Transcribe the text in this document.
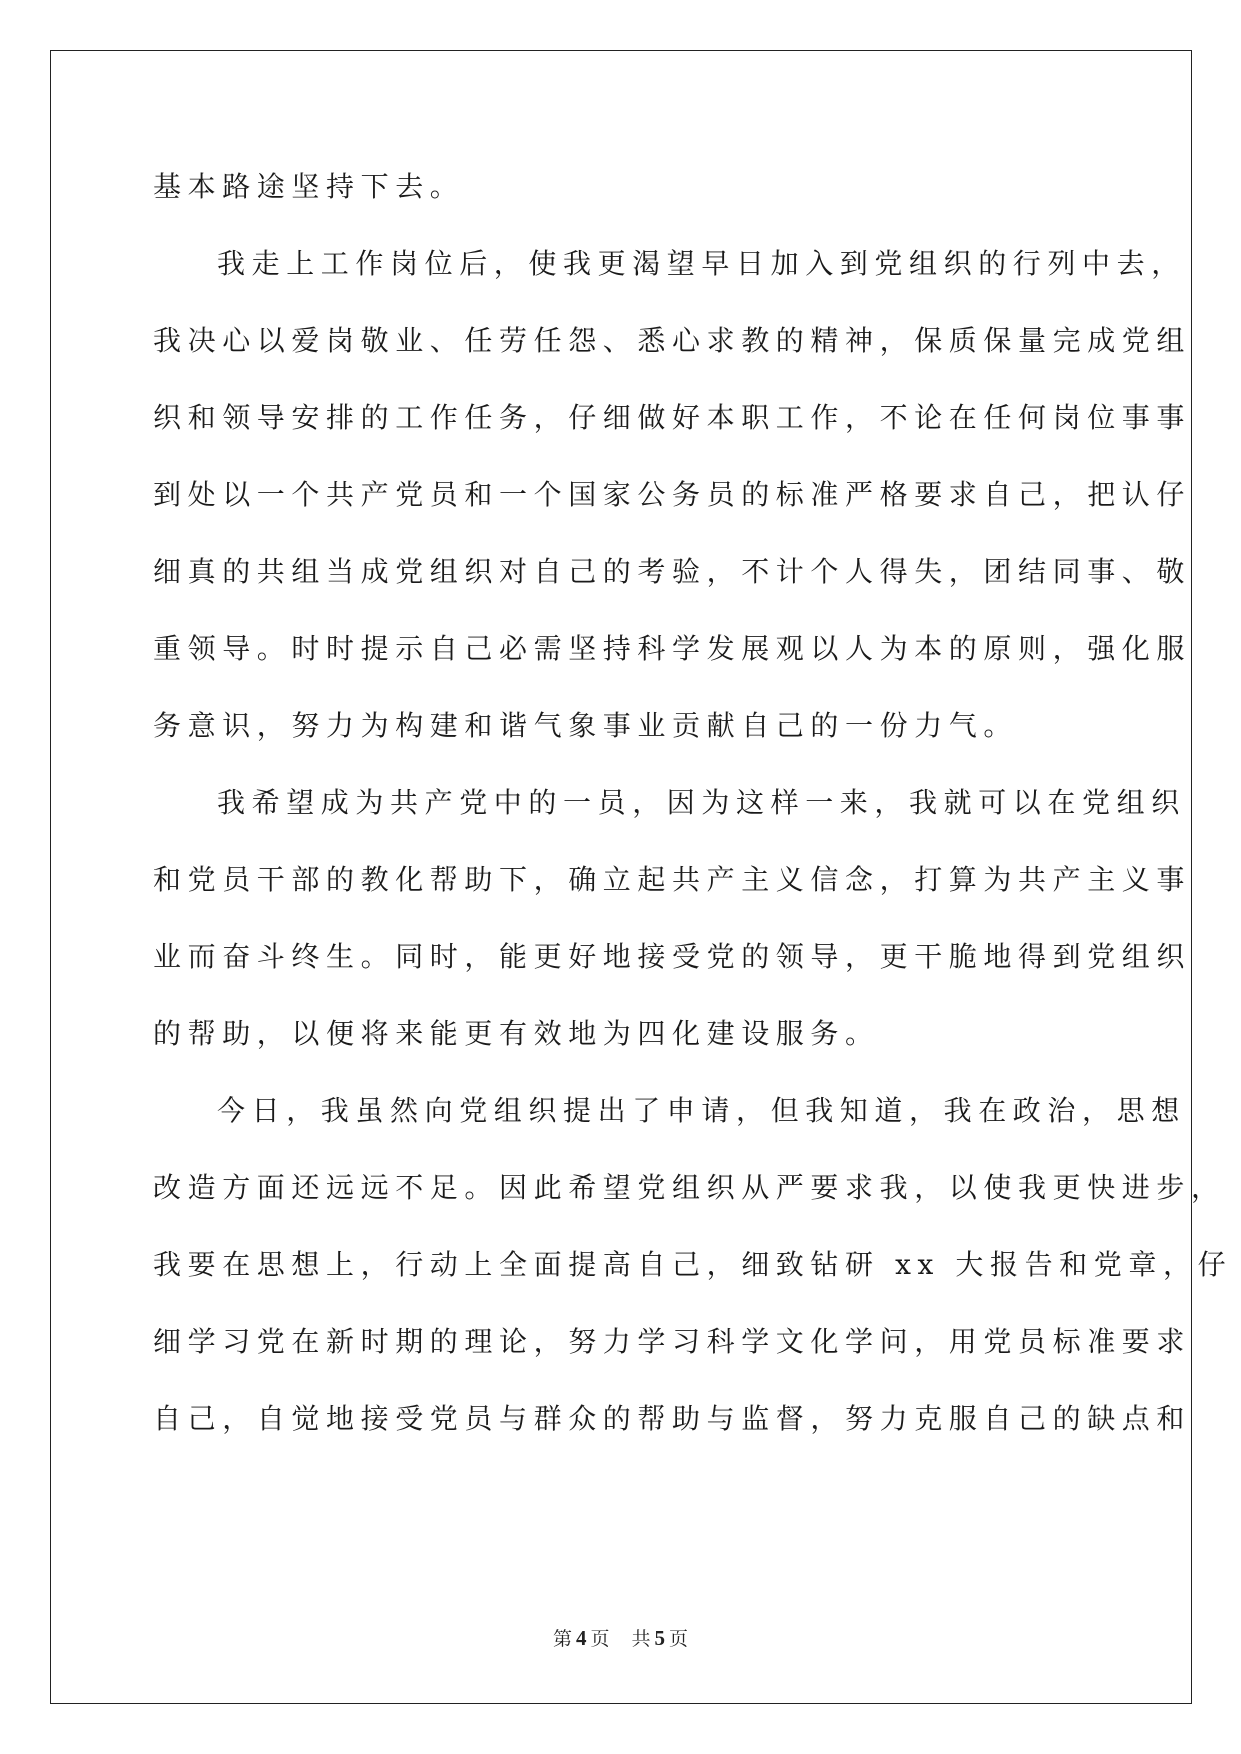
基本路途坚持下去。
我走上工作岗位后，使我更渴望早日加入到党组织的行列中去，
我决心以爱岗敬业、任劳任怨、悉心求教的精神，保质保量完成党组
织和领导安排的工作任务，仔细做好本职工作，不论在任何岗位事事
到处以一个共产党员和一个国家公务员的标准严格要求自己，把认仔
细真的共组当成党组织对自己的考验，不计个人得失，团结同事、敬
重领导。时时提示自己必需坚持科学发展观以人为本的原则，强化服
务意识，努力为构建和谐气象事业贡献自己的一份力气。
我希望成为共产党中的一员，因为这样一来，我就可以在党组织
和党员干部的教化帮助下，确立起共产主义信念，打算为共产主义事
业而奋斗终生。同时，能更好地接受党的领导，更干脆地得到党组织
的帮助，以便将来能更有效地为四化建设服务。
今日，我虽然向党组织提出了申请，但我知道，我在政治，思想
改造方面还远远不足。因此希望党组织从严要求我，以使我更快进步，
我要在思想上，行动上全面提高自己，细致钻研 xx 大报告和党章，仔
细学习党在新时期的理论，努力学习科学文化学问，用党员标准要求
自己，自觉地接受党员与群众的帮助与监督，努力克服自己的缺点和
第 4 页 共 5 页
